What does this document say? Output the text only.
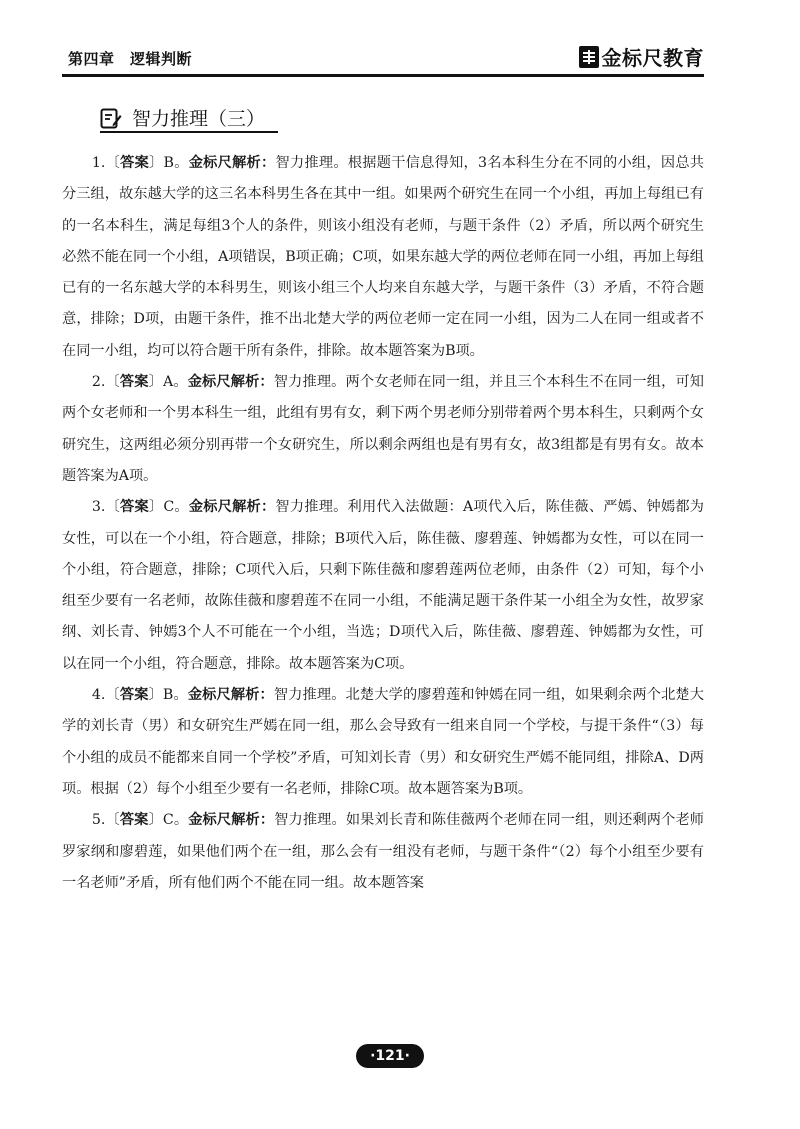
第四章　逻辑判断	金标尺教育
智力推理（三）

1.〔答案〕B。金标尺解析：智力推理。根据题干信息得知，3名本科生分在不同的小组，因总共分三组，故东越大学的这三名本科男生各在其中一组。如果两个研究生在同一个小组，再加上每组已有的一名本科生，满足每组3个人的条件，则该小组没有老师，与题干条件（2）矛盾，所以两个研究生必然不能在同一个小组，A项错误，B项正确；C项，如果东越大学的两位老师在同一小组，再加上每组已有的一名东越大学的本科男生，则该小组三个人均来自东越大学，与题干条件（3）矛盾，不符合题意，排除；D项，由题干条件，推不出北楚大学的两位老师一定在同一小组，因为二人在同一组或者不在同一小组，均可以符合题干所有条件，排除。故本题答案为B项。

2.〔答案〕A。金标尺解析：智力推理。两个女老师在同一组，并且三个本科生不在同一组，可知两个女老师和一个男本科生一组，此组有男有女，剩下两个男老师分别带着两个男本科生，只剩两个女研究生，这两组必须分别再带一个女研究生，所以剩余两组也是有男有女，故3组都是有男有女。故本题答案为A项。

3.〔答案〕C。金标尺解析：智力推理。利用代入法做题：A项代入后，陈佳薇、严嫣、钟嫣都为女性，可以在一个小组，符合题意，排除；B项代入后，陈佳薇、廖碧莲、钟嫣都为女性，可以在同一个小组，符合题意，排除；C项代入后，只剩下陈佳薇和廖碧莲两位老师，由条件（2）可知，每个小组至少要有一名老师，故陈佳薇和廖碧莲不在同一小组，不能满足题干条件某一小组全为女性，故罗家纲、刘长青、钟嫣3个人不可能在一个小组，当选；D项代入后，陈佳薇、廖碧莲、钟嫣都为女性，可以在同一个小组，符合题意，排除。故本题答案为C项。

4.〔答案〕B。金标尺解析：智力推理。北楚大学的廖碧莲和钟嫣在同一组，如果剩余两个北楚大学的刘长青（男）和女研究生严嫣在同一组，那么会导致有一组来自同一个学校，与提干条件“（3）每个小组的成员不能都来自同一个学校”矛盾，可知刘长青（男）和女研究生严嫣不能同组，排除A、D两项。根据（2）每个小组至少要有一名老师，排除C项。故本题答案为B项。

5.〔答案〕C。金标尺解析：智力推理。如果刘长青和陈佳薇两个老师在同一组，则还剩两个老师罗家纲和廖碧莲，如果他们两个在一组，那么会有一组没有老师，与题干条件“（2）每个小组至少要有一名老师”矛盾，所有他们两个不能在同一组。故本题答案

·121·
